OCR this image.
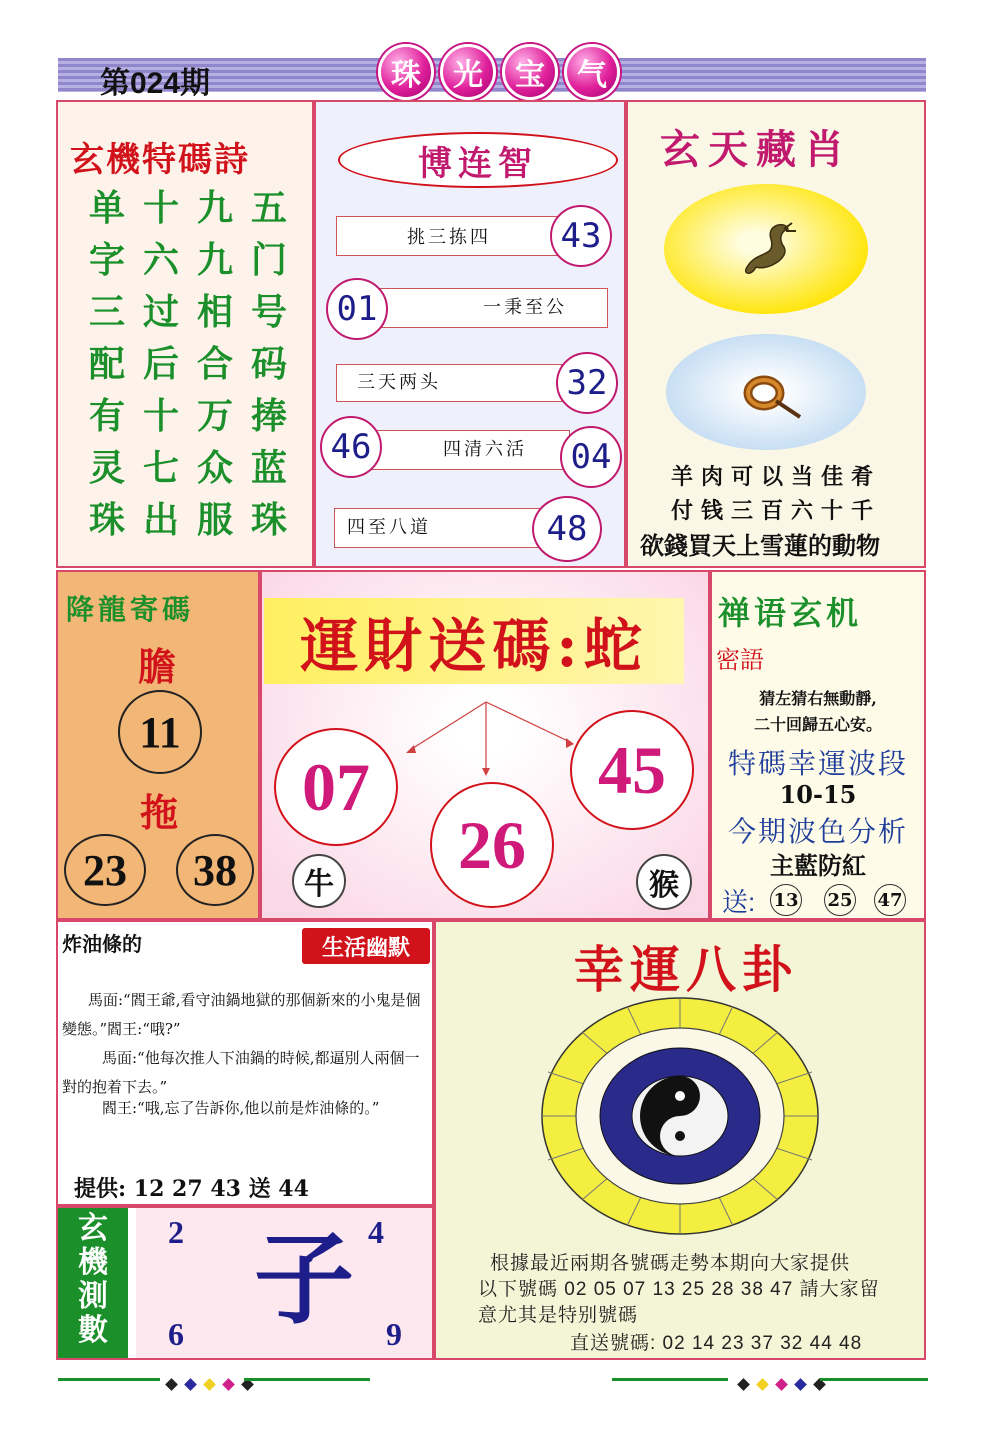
第024期	珠	光	宝	气
玄機特碼詩
单 十 九 五
字 六 九 门
三 过 相 号
配 后 合 码
有 十 万 捧
灵 七 众 蓝
珠 出 服 珠
博连智
挑三拣四	43
一秉至公
01
三天两头	32
四清六活
46	04
四至八道	48
玄天藏肖
羊肉可以当佳肴
付钱三百六十千
欲錢買天上雪蓮的動物
降龍寄碼
膽
11
拖
23	38
運財送碼:蛇
07
26
45
牛	猴
禅语玄机
密語
猜左猜右無動靜,
二十回歸五心安。
特碼幸運波段
10-15
今期波色分析
主藍防紅
送: 13 25 47
炸油條的	生活幽默
馬面:“閻王爺,看守油鍋地獄的那個新來的小鬼是個變態。”閻王:“哦?”
馬面:“他每次推人下油鍋的時候,都逼別人兩個一對的抱着下去。”
閻王:“哦,忘了告訴你,他以前是炸油條的。”
提供: 12 27 43 送 44
幸運八卦
根據最近兩期各號碼走勢本期向大家提供
以下號碼 02 05 07 13 25 28 38 47 請大家留
意尤其是特别號碼
直送號碼: 02 14 23 37 32 44 48
玄
機
測
數
2	4
6	9
子
